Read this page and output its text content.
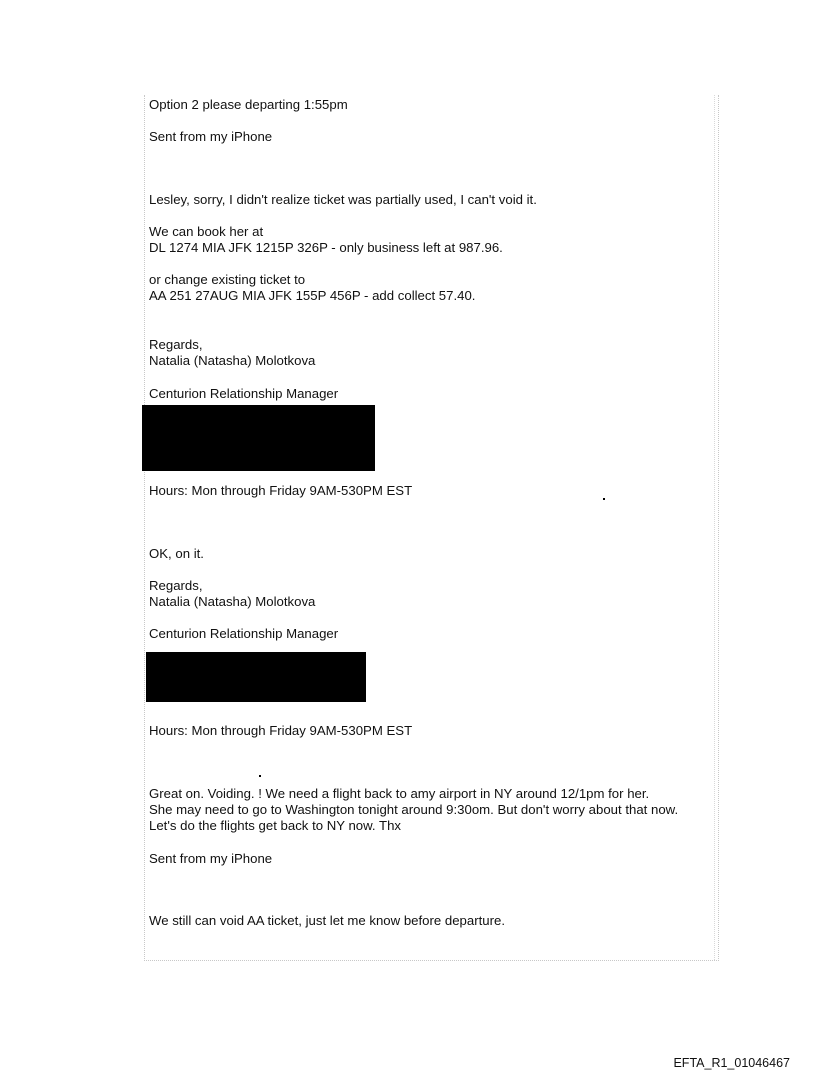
Option 2 please departing 1:55pm

Sent from my iPhone

Lesley, sorry, I didn't realize ticket was partially used, I can't void it.

We can book her at

DL 1274 MIA JFK 1215P 326P - only business left at 987.96.

or change existing ticket to

AA 251 27AUG MIA JFK 155P 456P - add collect 57.40.

Regards,

Natalia (Natasha) Molotkova

Centurion Relationship Manager

Hours: Mon through Friday 9AM-530PM EST

OK, on it.

Regards,

Natalia (Natasha) Molotkova

Centurion Relationship Manager

Hours: Mon through Friday 9AM-530PM EST

Great on. Voiding. ! We need a flight back to amy airport in NY around 12/1pm for her.

She may need to go to Washington tonight around 9:30om. But don't worry about that now.

Let's do the flights get back to NY now. Thx

Sent from my iPhone

We still can void AA ticket, just let me know before departure.

EFTA_R1_01046467
